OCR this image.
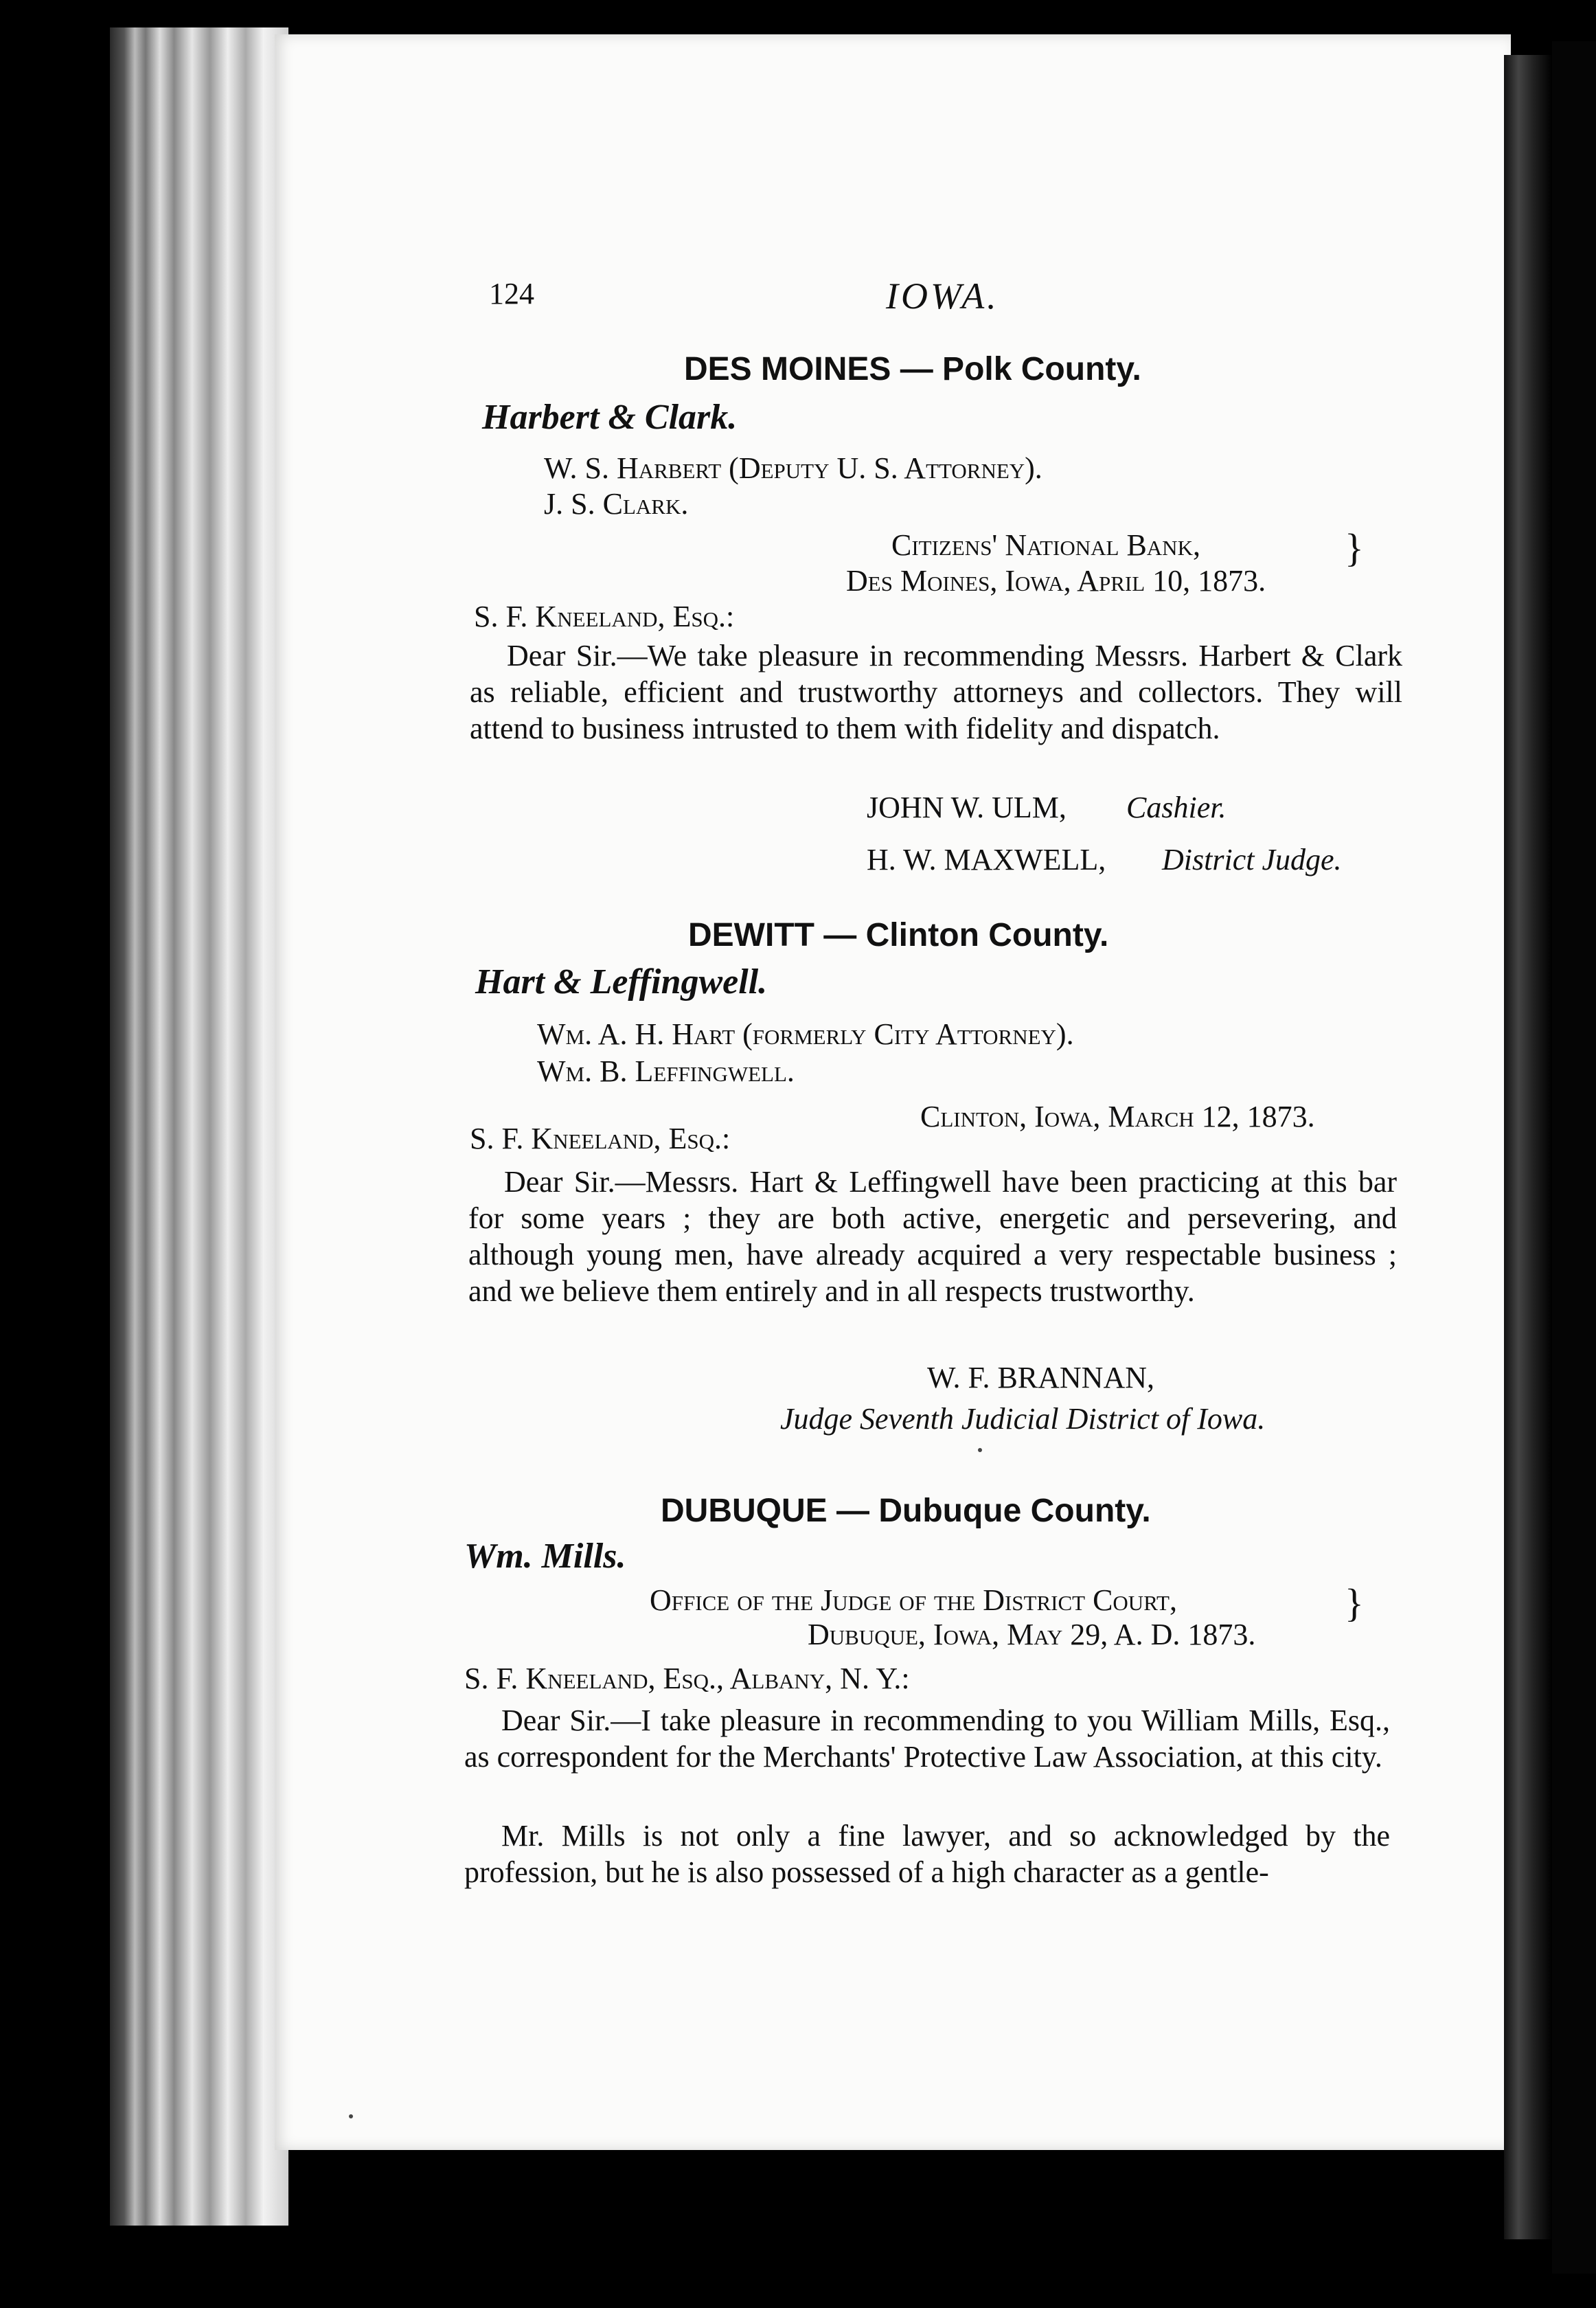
124	IOWA.
DES MOINES — Polk County.
Harbert & Clark.
W. S. Harbert (Deputy U. S. Attorney).
J. S. Clark.
Citizens' National Bank,
Des Moines, Iowa, April 10, 1873.
}
S. F. Kneeland, Esq.:
Dear Sir.—We take pleasure in recommending Messrs. Harbert & Clark as reliable, efficient and trustworthy attorneys and collectors. They will attend to business intrusted to them with fidelity and dispatch.
JOHN W. ULM, Cashier.
H. W. MAXWELL, District Judge.
DEWITT — Clinton County.
Hart & Leffingwell.
Wm. A. H. Hart (formerly City Attorney).
Wm. B. Leffingwell.
Clinton, Iowa, March 12, 1873.
S. F. Kneeland, Esq.:
Dear Sir.—Messrs. Hart & Leffingwell have been practicing at this bar for some years ; they are both active, energetic and persevering, and although young men, have already acquired a very respectable business ; and we believe them entirely and in all respects trustworthy.
W. F. BRANNAN,
Judge Seventh Judicial District of Iowa.
DUBUQUE — Dubuque County.
Wm. Mills.
Office of the Judge of the District Court,
Dubuque, Iowa, May 29, A. D. 1873.
}
S. F. Kneeland, Esq., Albany, N. Y.:
Dear Sir.—I take pleasure in recommending to you William Mills, Esq., as correspondent for the Merchants' Protective Law Association, at this city.
Mr. Mills is not only a fine lawyer, and so acknowledged by the profession, but he is also possessed of a high character as a gentle-
